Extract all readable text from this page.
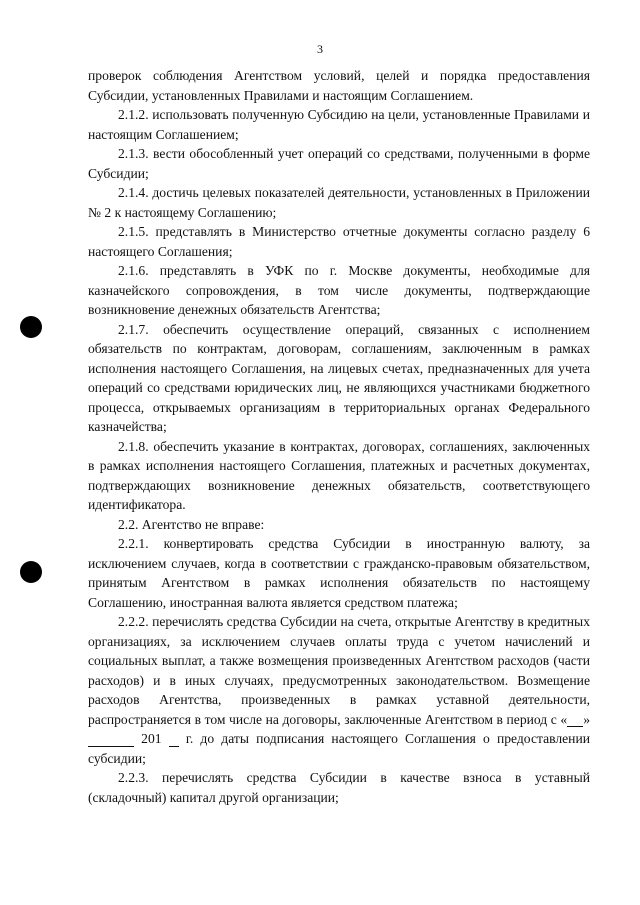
3

проверок соблюдения Агентством условий, целей и порядка предоставления Субсидии, установленных Правилами и настоящим Соглашением.

2.1.2. использовать полученную Субсидию на цели, установленные Правилами и настоящим Соглашением;

2.1.3. вести обособленный учет операций со средствами, полученными в форме Субсидии;

2.1.4. достичь целевых показателей деятельности, установленных в Приложении № 2 к настоящему Соглашению;

2.1.5. представлять в Министерство отчетные документы согласно разделу 6 настоящего Соглашения;

2.1.6. представлять в УФК по г. Москве документы, необходимые для казначейского сопровождения, в том числе документы, подтверждающие возникновение денежных обязательств Агентства;

2.1.7. обеспечить осуществление операций, связанных с исполнением обязательств по контрактам, договорам, соглашениям, заключенным в рамках исполнения настоящего Соглашения, на лицевых счетах, предназначенных для учета операций со средствами юридических лиц, не являющихся участниками бюджетного процесса, открываемых организациям в территориальных органах Федерального казначейства;

2.1.8. обеспечить указание в контрактах, договорах, соглашениях, заключенных в рамках исполнения настоящего Соглашения, платежных и расчетных документах, подтверждающих возникновение денежных обязательств, соответствующего идентификатора.

2.2. Агентство не вправе:

2.2.1. конвертировать средства Субсидии в иностранную валюту, за исключением случаев, когда в соответствии с гражданско-правовым обязательством, принятым Агентством в рамках исполнения обязательств по настоящему Соглашению, иностранная валюта является средством платежа;

2.2.2. перечислять средства Субсидии на счета, открытые Агентству в кредитных организациях, за исключением случаев оплаты труда с учетом начислений и социальных выплат, а также возмещения произведенных Агентством расходов (части расходов) и в иных случаях, предусмотренных законодательством. Возмещение расходов Агентства, произведенных в рамках уставной деятельности, распространяется в том числе на договоры, заключенные Агентством в период с « »   201   г. до даты подписания настоящего Соглашения о предоставлении субсидии;

2.2.3. перечислять средства Субсидии в качестве взноса в уставный (складочный) капитал другой организации;
